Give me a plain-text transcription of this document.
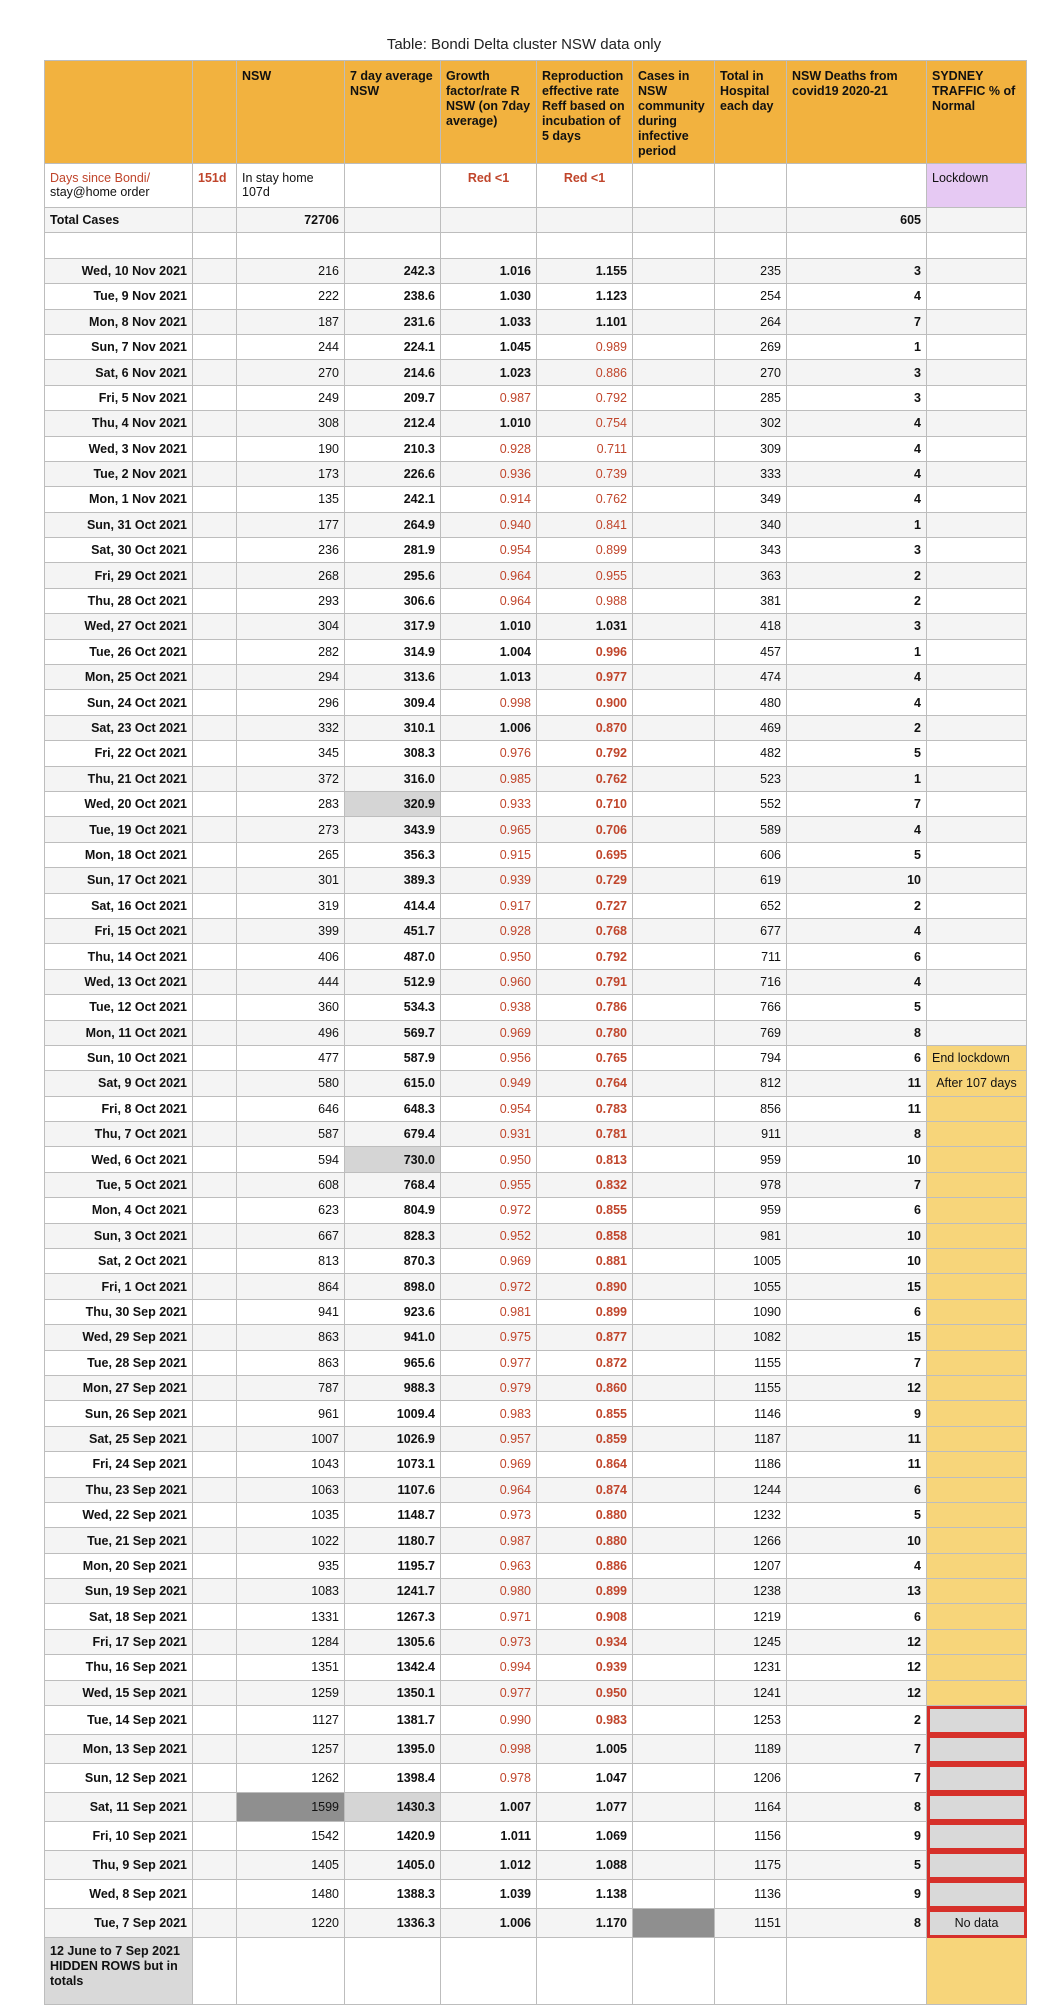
Table: Bondi Delta cluster NSW data only
		NSW	7 day average NSW	Growth factor/rate R NSW (on 7day average)	Reproduction effective rate Reff based on incubation of 5 days	Cases in NSW community during infective period	Total in Hospital each day	NSW Deaths from covid19 2020-21	SYDNEY TRAFFIC % of Normal
Days since Bondi/
stay@home order	151d	In stay home 107d		Red <1	Red <1				Lockdown
Total Cases		72706						605	

Wed, 10 Nov 2021		216	242.3	1.016	1.155		235	3	
Tue, 9 Nov 2021		222	238.6	1.030	1.123		254	4	
Mon, 8 Nov 2021		187	231.6	1.033	1.101		264	7	
Sun, 7 Nov 2021		244	224.1	1.045	0.989		269	1	
Sat, 6 Nov 2021		270	214.6	1.023	0.886		270	3	
Fri, 5 Nov 2021		249	209.7	0.987	0.792		285	3	
Thu, 4 Nov 2021		308	212.4	1.010	0.754		302	4	
Wed, 3 Nov 2021		190	210.3	0.928	0.711		309	4	
Tue, 2 Nov 2021		173	226.6	0.936	0.739		333	4	
Mon, 1 Nov 2021		135	242.1	0.914	0.762		349	4	
Sun, 31 Oct 2021		177	264.9	0.940	0.841		340	1	
Sat, 30 Oct 2021		236	281.9	0.954	0.899		343	3	
Fri, 29 Oct 2021		268	295.6	0.964	0.955		363	2	
Thu, 28 Oct 2021		293	306.6	0.964	0.988		381	2	
Wed, 27 Oct 2021		304	317.9	1.010	1.031		418	3	
Tue, 26 Oct 2021		282	314.9	1.004	0.996		457	1	
Mon, 25 Oct 2021		294	313.6	1.013	0.977		474	4	
Sun, 24 Oct 2021		296	309.4	0.998	0.900		480	4	
Sat, 23 Oct 2021		332	310.1	1.006	0.870		469	2	
Fri, 22 Oct 2021		345	308.3	0.976	0.792		482	5	
Thu, 21 Oct 2021		372	316.0	0.985	0.762		523	1	
Wed, 20 Oct 2021		283	320.9	0.933	0.710		552	7	
Tue, 19 Oct 2021		273	343.9	0.965	0.706		589	4	
Mon, 18 Oct 2021		265	356.3	0.915	0.695		606	5	
Sun, 17 Oct 2021		301	389.3	0.939	0.729		619	10	
Sat, 16 Oct 2021		319	414.4	0.917	0.727		652	2	
Fri, 15 Oct 2021		399	451.7	0.928	0.768		677	4	
Thu, 14 Oct 2021		406	487.0	0.950	0.792		711	6	
Wed, 13 Oct 2021		444	512.9	0.960	0.791		716	4	
Tue, 12 Oct 2021		360	534.3	0.938	0.786		766	5	
Mon, 11 Oct 2021		496	569.7	0.969	0.780		769	8	
Sun, 10 Oct 2021		477	587.9	0.956	0.765		794	6	End lockdown
Sat, 9 Oct 2021		580	615.0	0.949	0.764		812	11	After 107 days
Fri, 8 Oct 2021		646	648.3	0.954	0.783		856	11	
Thu, 7 Oct 2021		587	679.4	0.931	0.781		911	8	
Wed, 6 Oct 2021		594	730.0	0.950	0.813		959	10	
Tue, 5 Oct 2021		608	768.4	0.955	0.832		978	7	
Mon, 4 Oct 2021		623	804.9	0.972	0.855		959	6	
Sun, 3 Oct 2021		667	828.3	0.952	0.858		981	10	
Sat, 2 Oct 2021		813	870.3	0.969	0.881		1005	10	
Fri, 1 Oct 2021		864	898.0	0.972	0.890		1055	15	
Thu, 30 Sep 2021		941	923.6	0.981	0.899		1090	6	
Wed, 29 Sep 2021		863	941.0	0.975	0.877		1082	15	
Tue, 28 Sep 2021		863	965.6	0.977	0.872		1155	7	
Mon, 27 Sep 2021		787	988.3	0.979	0.860		1155	12	
Sun, 26 Sep 2021		961	1009.4	0.983	0.855		1146	9	
Sat, 25 Sep 2021		1007	1026.9	0.957	0.859		1187	11	
Fri, 24 Sep 2021		1043	1073.1	0.969	0.864		1186	11	
Thu, 23 Sep 2021		1063	1107.6	0.964	0.874		1244	6	
Wed, 22 Sep 2021		1035	1148.7	0.973	0.880		1232	5	
Tue, 21 Sep 2021		1022	1180.7	0.987	0.880		1266	10	
Mon, 20 Sep 2021		935	1195.7	0.963	0.886		1207	4	
Sun, 19 Sep 2021		1083	1241.7	0.980	0.899		1238	13	
Sat, 18 Sep 2021		1331	1267.3	0.971	0.908		1219	6	
Fri, 17 Sep 2021		1284	1305.6	0.973	0.934		1245	12	
Thu, 16 Sep 2021		1351	1342.4	0.994	0.939		1231	12	
Wed, 15 Sep 2021		1259	1350.1	0.977	0.950		1241	12	
Tue, 14 Sep 2021		1127	1381.7	0.990	0.983		1253	2	
Mon, 13 Sep 2021		1257	1395.0	0.998	1.005		1189	7	
Sun, 12 Sep 2021		1262	1398.4	0.978	1.047		1206	7	
Sat, 11 Sep 2021		1599	1430.3	1.007	1.077		1164	8	
Fri, 10 Sep 2021		1542	1420.9	1.011	1.069		1156	9	
Thu, 9 Sep 2021		1405	1405.0	1.012	1.088		1175	5	
Wed, 8 Sep 2021		1480	1388.3	1.039	1.138		1136	9	
Tue, 7 Sep 2021		1220	1336.3	1.006	1.170		1151	8	No data
12 June to 7 Sep 2021 HIDDEN ROWS but in totals									
